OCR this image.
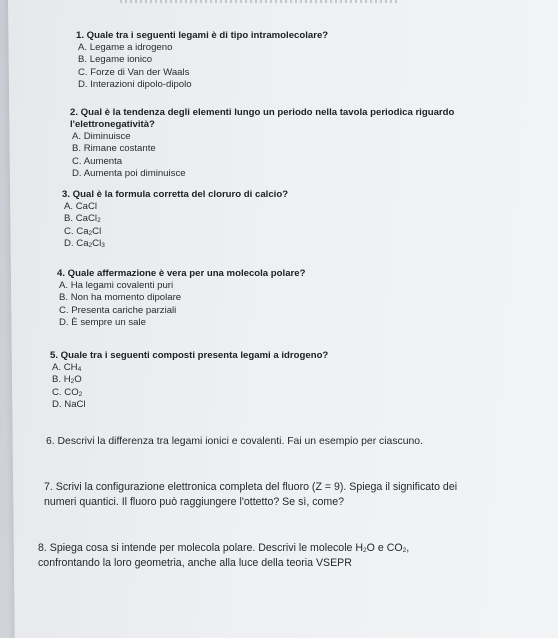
1. Quale tra i seguenti legami è di tipo intramolecolare?
A. Legame a idrogeno
B. Legame ionico
C. Forze di Van der Waals
D. Interazioni dipolo-dipolo
2. Qual è la tendenza degli elementi lungo un periodo nella tavola periodica riguardo
l'elettronegatività?
A. Diminuisce
B. Rimane costante
C. Aumenta
D. Aumenta poi diminuisce
3. Qual è la formula corretta del cloruro di calcio?
A. CaCl
B. CaCl$_2$
C. $Ca_2Cl$
D. $Ca_2Cl_3$
4. Quale affermazione è vera per una molecola polare?
A. Ha legami covalenti puri
B. Non ha momento dipolare
C. Presenta cariche parziali
D. È sempre un sale
5. Quale tra i seguenti composti presenta legami a idrogeno?
A. $CH_4$
B. $H_2O$
C. $CO_2$
D. NaCl
6. Descrivi la differenza tra legami ionici e covalenti. Fai un esempio per ciascuno.
7. Scrivi la configurazione elettronica completa del fluoro (Z = 9). Spiega il significato dei
numeri quantici. Il fluoro può raggiungere l'ottetto? Se sì, come?
8. Spiega cosa si intende per molecola polare. Descrivi le molecole $H_2O$ e $CO_2$,
confrontando la loro geometria, anche alla luce della teoria VSEPR
